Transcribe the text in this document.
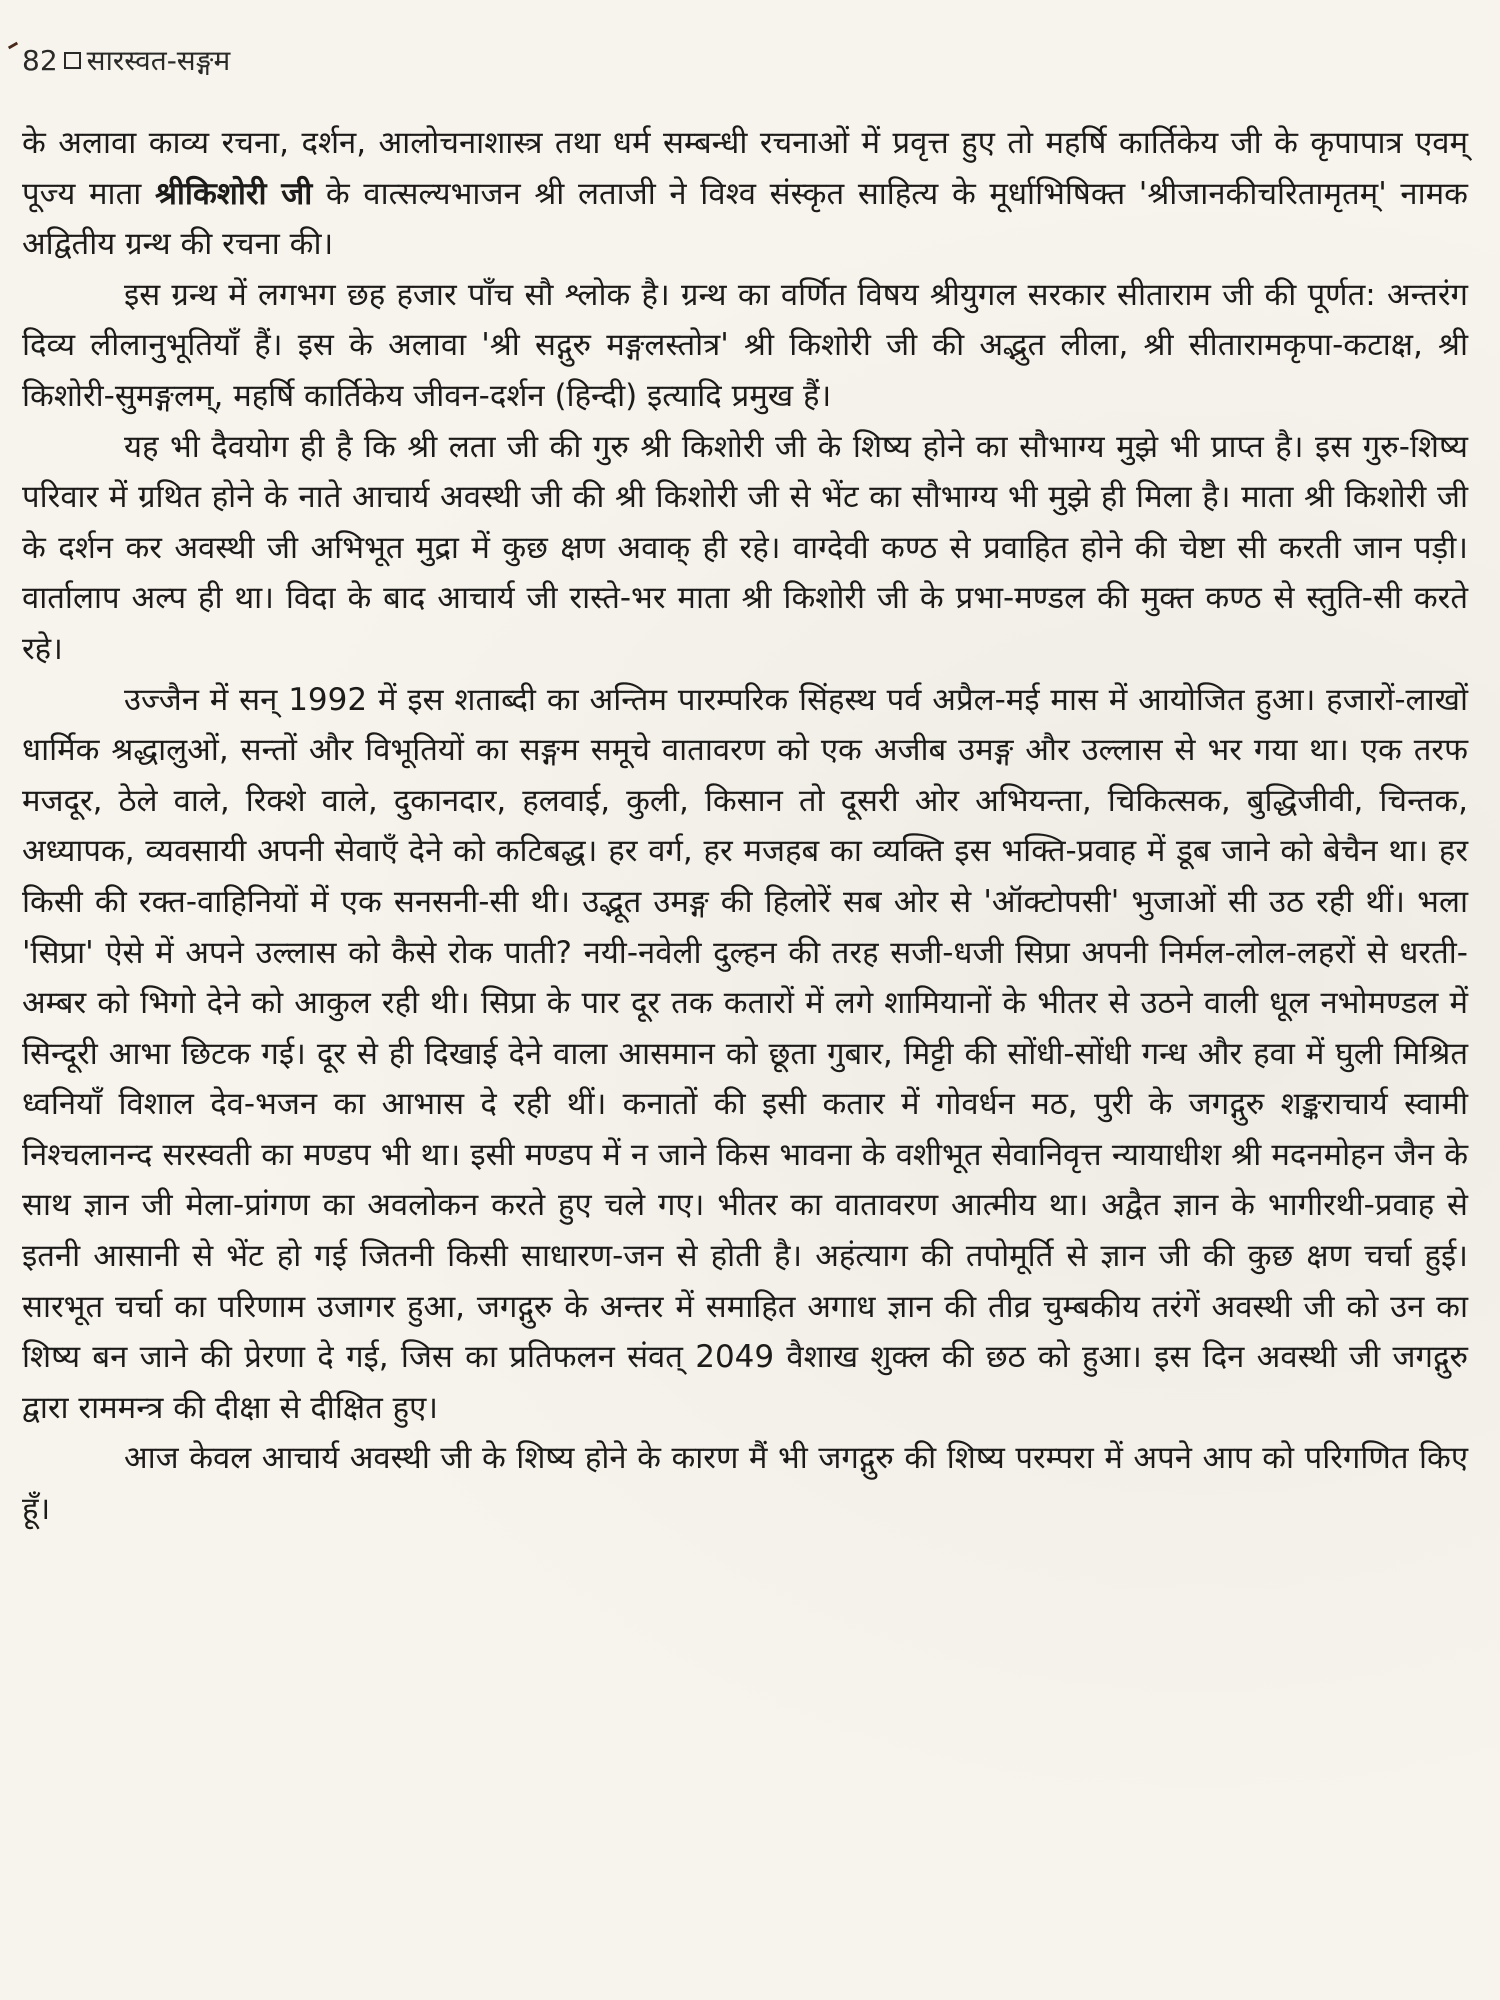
82 सारस्वत-सङ्गम

के अलावा काव्य रचना, दर्शन, आलोचनाशास्त्र तथा धर्म सम्बन्धी रचनाओं में प्रवृत्त हुए तो महर्षि कार्तिकेय जी के कृपापात्र एवम् पूज्य माता श्रीकिशोरी जी के वात्सल्यभाजन श्री लताजी ने विश्व संस्कृत साहित्य के मूर्धाभिषिक्त 'श्रीजानकीचरितामृतम्' नामक अद्वितीय ग्रन्थ की रचना की।

इस ग्रन्थ में लगभग छह हजार पाँच सौ श्लोक है। ग्रन्थ का वर्णित विषय श्रीयुगल सरकार सीताराम जी की पूर्णत: अन्तरंग दिव्य लीलानुभूतियाँ हैं। इस के अलावा 'श्री सद्गुरु मङ्गलस्तोत्र' श्री किशोरी जी की अद्भुत लीला, श्री सीतारामकृपा-कटाक्ष, श्री किशोरी-सुमङ्गलम्, महर्षि कार्तिकेय जीवन-दर्शन (हिन्दी) इत्यादि प्रमुख हैं।

यह भी दैवयोग ही है कि श्री लता जी की गुरु श्री किशोरी जी के शिष्य होने का सौभाग्य मुझे भी प्राप्त है। इस गुरु-शिष्य परिवार में ग्रथित होने के नाते आचार्य अवस्थी जी की श्री किशोरी जी से भेंट का सौभाग्य भी मुझे ही मिला है। माता श्री किशोरी जी के दर्शन कर अवस्थी जी अभिभूत मुद्रा में कुछ क्षण अवाक् ही रहे। वाग्देवी कण्ठ से प्रवाहित होने की चेष्टा सी करती जान पड़ी। वार्तालाप अल्प ही था। विदा के बाद आचार्य जी रास्ते-भर माता श्री किशोरी जी के प्रभा-मण्डल की मुक्त कण्ठ से स्तुति-सी करते रहे।

उज्जैन में सन् 1992 में इस शताब्दी का अन्तिम पारम्परिक सिंहस्थ पर्व अप्रैल-मई मास में आयोजित हुआ। हजारों-लाखों धार्मिक श्रद्धालुओं, सन्तों और विभूतियों का सङ्गम समूचे वातावरण को एक अजीब उमङ्ग और उल्लास से भर गया था। एक तरफ मजदूर, ठेले वाले, रिक्शे वाले, दुकानदार, हलवाई, कुली, किसान तो दूसरी ओर अभियन्ता, चिकित्सक, बुद्धिजीवी, चिन्तक, अध्यापक, व्यवसायी अपनी सेवाएँ देने को कटिबद्ध। हर वर्ग, हर मजहब का व्यक्ति इस भक्ति-प्रवाह में डूब जाने को बेचैन था। हर किसी की रक्त-वाहिनियों में एक सनसनी-सी थी। उद्भूत उमङ्ग की हिलोरें सब ओर से 'ऑक्टोपसी' भुजाओं सी उठ रही थीं। भला 'सिप्रा' ऐसे में अपने उल्लास को कैसे रोक पाती? नयी-नवेली दुल्हन की तरह सजी-धजी सिप्रा अपनी निर्मल-लोल-लहरों से धरती-अम्बर को भिगो देने को आकुल रही थी। सिप्रा के पार दूर तक कतारों में लगे शामियानों के भीतर से उठने वाली धूल नभोमण्डल में सिन्दूरी आभा छिटक गई। दूर से ही दिखाई देने वाला आसमान को छूता गुबार, मिट्टी की सोंधी-सोंधी गन्ध और हवा में घुली मिश्रित ध्वनियाँ विशाल देव-भजन का आभास दे रही थीं। कनातों की इसी कतार में गोवर्धन मठ, पुरी के जगद्गुरु शङ्कराचार्य स्वामी निश्चलानन्द सरस्वती का मण्डप भी था। इसी मण्डप में न जाने किस भावना के वशीभूत सेवानिवृत्त न्यायाधीश श्री मदनमोहन जैन के साथ ज्ञान जी मेला-प्रांगण का अवलोकन करते हुए चले गए। भीतर का वातावरण आत्मीय था। अद्वैत ज्ञान के भागीरथी-प्रवाह से इतनी आसानी से भेंट हो गई जितनी किसी साधारण-जन से होती है। अहंत्याग की तपोमूर्ति से ज्ञान जी की कुछ क्षण चर्चा हुई। सारभूत चर्चा का परिणाम उजागर हुआ, जगद्गुरु के अन्तर में समाहित अगाध ज्ञान की तीव्र चुम्बकीय तरंगें अवस्थी जी को उन का शिष्य बन जाने की प्रेरणा दे गई, जिस का प्रतिफलन संवत् 2049 वैशाख शुक्ल की छठ को हुआ। इस दिन अवस्थी जी जगद्गुरु द्वारा राममन्त्र की दीक्षा से दीक्षित हुए।

आज केवल आचार्य अवस्थी जी के शिष्य होने के कारण मैं भी जगद्गुरु की शिष्य परम्परा में अपने आप को परिगणित किए हूँ।
